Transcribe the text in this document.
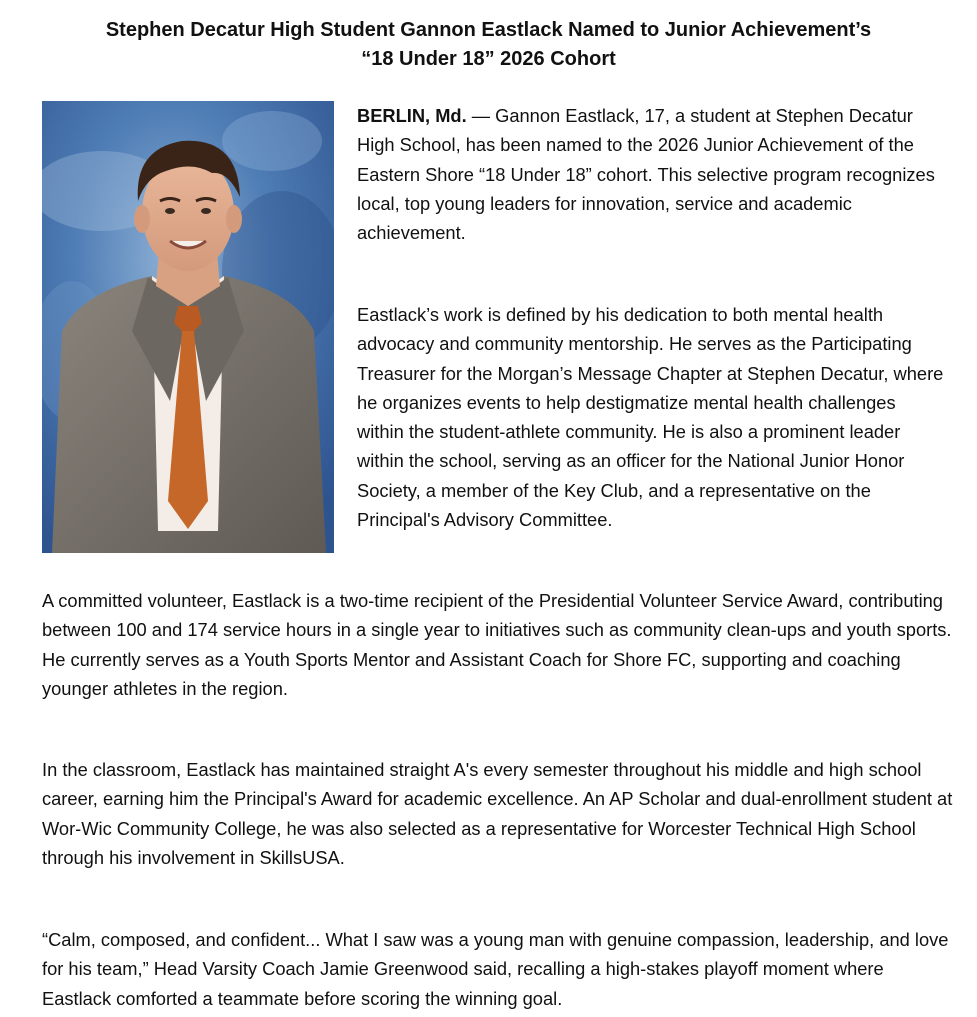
Stephen Decatur High Student Gannon Eastlack Named to Junior Achievement’s
“18 Under 18” 2026 Cohort

BERLIN, Md. — Gannon Eastlack, 17, a student at Stephen Decatur High School, has been named to the 2026 Junior Achievement of the Eastern Shore “18 Under 18” cohort. This selective program recognizes local, top young leaders for innovation, service and academic achievement.

Eastlack’s work is defined by his dedication to both mental health advocacy and community mentorship. He serves as the Participating Treasurer for the Morgan’s Message Chapter at Stephen Decatur, where he organizes events to help destigmatize mental health challenges within the student-athlete community. He is also a prominent leader within the school, serving as an officer for the National Junior Honor Society, a member of the Key Club, and a representative on the Principal's Advisory Committee.

A committed volunteer, Eastlack is a two-time recipient of the Presidential Volunteer Service Award, contributing between 100 and 174 service hours in a single year to initiatives such as community clean-ups and youth sports. He currently serves as a Youth Sports Mentor and Assistant Coach for Shore FC, supporting and coaching younger athletes in the region.

In the classroom, Eastlack has maintained straight A's every semester throughout his middle and high school career, earning him the Principal's Award for academic excellence. An AP Scholar and dual-enrollment student at Wor-Wic Community College, he was also selected as a representative for Worcester Technical High School through his involvement in SkillsUSA.

“Calm, composed, and confident... What I saw was a young man with genuine compassion, leadership, and love for his team,” Head Varsity Coach Jamie Greenwood said, recalling a high-stakes playoff moment where Eastlack comforted a teammate before scoring the winning goal.
